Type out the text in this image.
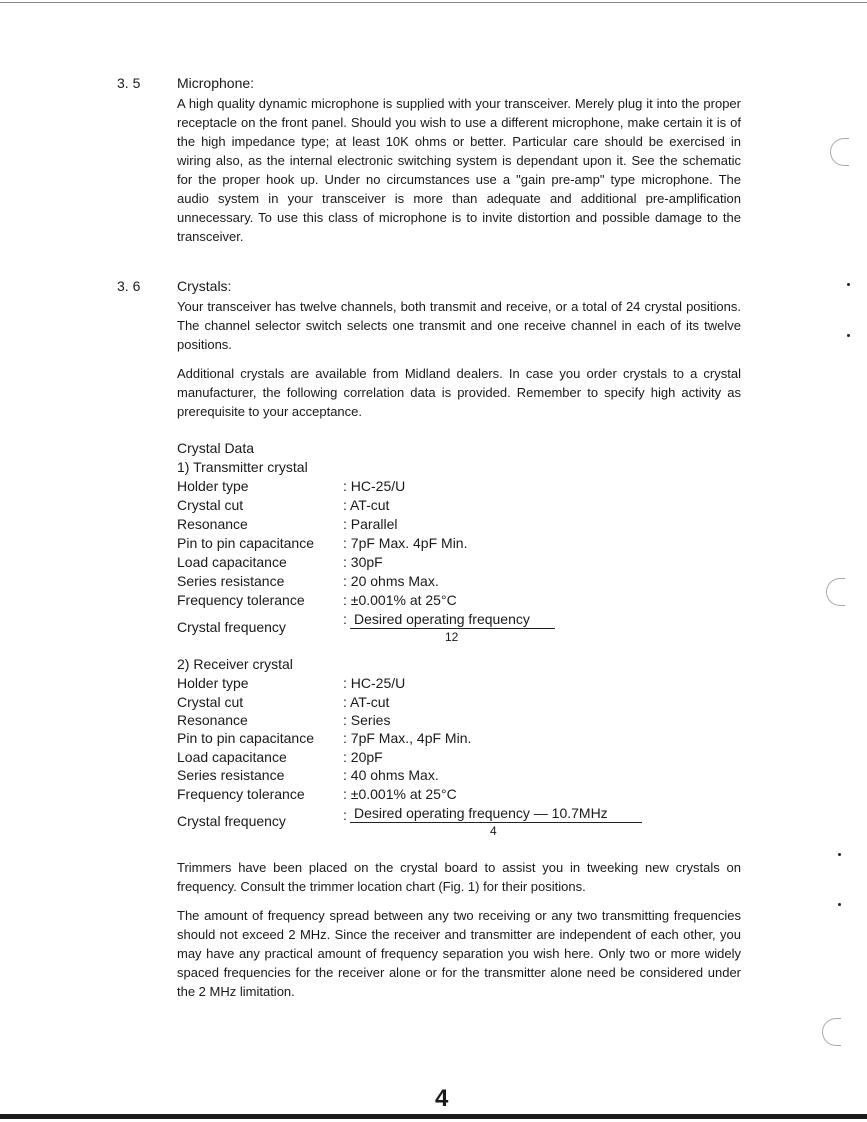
3. 5	Microphone:

A high quality dynamic microphone is supplied with your transceiver. Merely plug it into the proper receptacle on the front panel. Should you wish to use a different microphone, make certain it is of the high impedance type; at least 10K ohms or better. Particular care should be exercised in wiring also, as the internal electronic switching system is dependant upon it. See the schematic for the proper hook up. Under no circumstances use a "gain pre-amp" type microphone. The audio system in your transceiver is more than adequate and additional pre-amplification unnecessary. To use this class of microphone is to invite distortion and possible damage to the transceiver.

3. 6	Crystals:

Your transceiver has twelve channels, both transmit and receive, or a total of 24 crystal positions. The channel selector switch selects one transmit and one receive channel in each of its twelve positions.

Additional crystals are available from Midland dealers. In case you order crystals to a crystal manufacturer, the following correlation data is provided. Remember to specify high activity as prerequisite to your acceptance.

Crystal Data
1) Transmitter crystal
Holder type	: HC-25/U
Crystal cut	: AT-cut
Resonance	: Parallel
Pin to pin capacitance : 7pF Max. 4pF Min.
Load capacitance	: 30pF
Series resistance	: 20 ohms Max.
Frequency tolerance	: ±0.001% at 25°C
Crystal frequency	: Desired operating frequency
12
2) Receiver crystal
Holder type	: HC-25/U
Crystal cut	: AT-cut
Resonance	: Series
Pin to pin capacitance : 7pF Max., 4pF Min.
Load capacitance	: 20pF
Series resistance	: 40 ohms Max.
Frequency tolerance	: ±0.001% at 25°C
Crystal frequency	: Desired operating frequency — 10.7MHz
4

Trimmers have been placed on the crystal board to assist you in tweeking new crystals on frequency. Consult the trimmer location chart (Fig. 1) for their positions.

The amount of frequency spread between any two receiving or any two transmitting frequencies should not exceed 2 MHz. Since the receiver and transmitter are independent of each other, you may have any practical amount of frequency separation you wish here. Only two or more widely spaced frequencies for the receiver alone or for the transmitter alone need be considered under the 2 MHz limitation.

4
